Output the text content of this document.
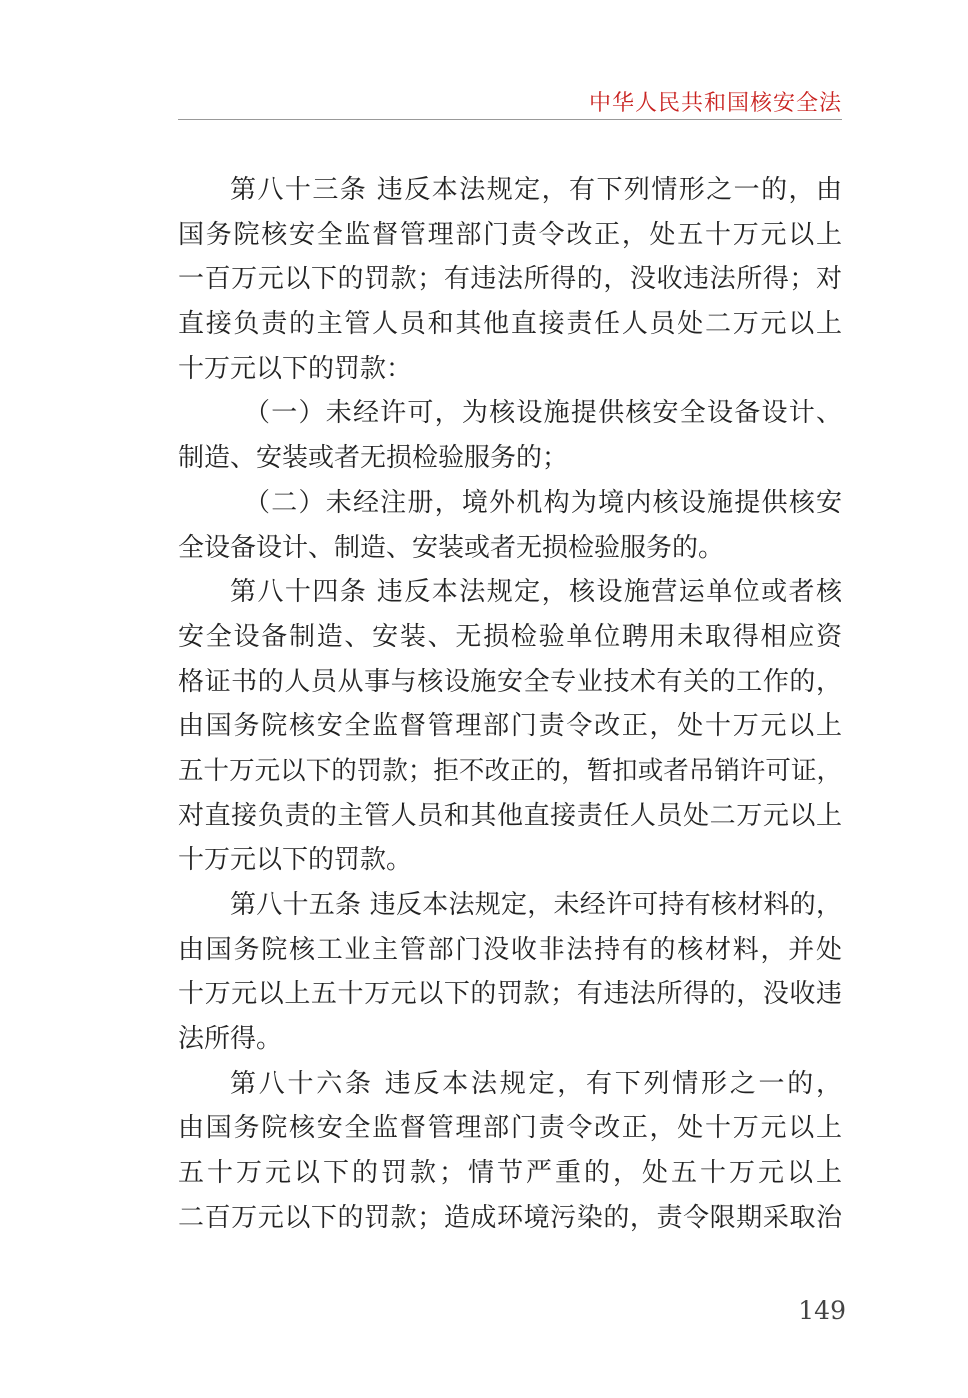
中华人民共和国核安全法
第八十三条 违反本法规定，有下列情形之一的，由
国务院核安全监督管理部门责令改正，处五十万元以上
一百万元以下的罚款；有违法所得的，没收违法所得；对
直接负责的主管人员和其他直接责任人员处二万元以上
十万元以下的罚款：
（一）未经许可，为核设施提供核安全设备设计、
制造、安装或者无损检验服务的；
（二）未经注册，境外机构为境内核设施提供核安
全设备设计、制造、安装或者无损检验服务的。
第八十四条 违反本法规定，核设施营运单位或者核
安全设备制造、安装、无损检验单位聘用未取得相应资
格证书的人员从事与核设施安全专业技术有关的工作的，
由国务院核安全监督管理部门责令改正，处十万元以上
五十万元以下的罚款；拒不改正的，暂扣或者吊销许可证，
对直接负责的主管人员和其他直接责任人员处二万元以上
十万元以下的罚款。
第八十五条 违反本法规定，未经许可持有核材料的，
由国务院核工业主管部门没收非法持有的核材料，并处
十万元以上五十万元以下的罚款；有违法所得的，没收违
法所得。
第八十六条 违反本法规定，有下列情形之一的，
由国务院核安全监督管理部门责令改正，处十万元以上
五十万元以下的罚款；情节严重的，处五十万元以上
二百万元以下的罚款；造成环境污染的，责令限期采取治
149
